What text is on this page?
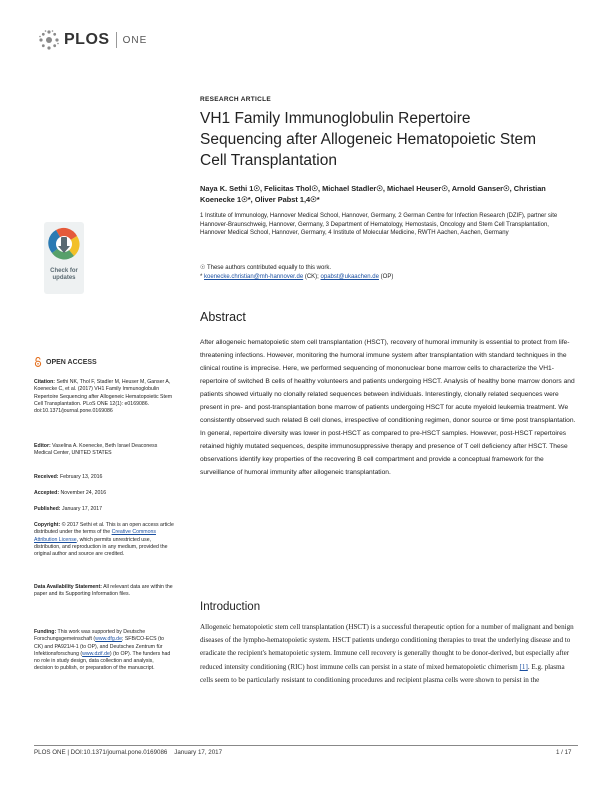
PLOS ONE
Check for updates
OPEN ACCESS
Citation: Sethi NK, Thol F, Stadler M, Heuser M, Ganser A, Koenecke C, et al. (2017) VH1 Family Immunoglobulin Repertoire Sequencing after Allogeneic Hematopoietic Stem Cell Transplantation. PLoS ONE 12(1): e0169086. doi:10.1371/journal.pone.0169086
Editor: Vaselina A. Koenecke, Beth Israel Deaconess Medical Center, UNITED STATES
Received: February 13, 2016
Accepted: November 24, 2016
Published: January 17, 2017
Copyright: © 2017 Sethi et al. This is an open access article distributed under the terms of the Creative Commons Attribution License, which permits unrestricted use, distribution, and reproduction in any medium, provided the original author and source are credited.
Data Availability Statement: All relevant data are within the paper and its Supporting Information files.
Funding: This work was supported by Deutsche Forschungsgemeinschaft (www.dfg.de; SFB/CO-ECS (to CK) and PA921/4-1 (to OP), and Deutsches Zentrum für Infektionsforschung (www.dzif.de) (to OP). The funders had no role in study design, data collection and analysis, decision to publish, or preparation of the manuscript.
RESEARCH ARTICLE
VH1 Family Immunoglobulin Repertoire Sequencing after Allogeneic Hematopoietic Stem Cell Transplantation
Naya K. Sethi 1☉, Felicitas Thol☉, Michael Stadler☉, Michael Heuser☉, Arnold Ganser☉, Christian Koenecke 1☉*, Oliver Pabst 1,4☉*
1 Institute of Immunology, Hannover Medical School, Hannover, Germany, 2 German Centre for Infection Research (DZIF), partner site Hannover-Braunschweig, Hannover, Germany, 3 Department of Hematology, Hemostasis, Oncology and Stem Cell Transplantation, Hannover Medical School, Hannover, Germany, 4 Institute of Molecular Medicine, RWTH Aachen, Aachen, Germany
☉ These authors contributed equally to this work.
* koenecke.christian@mh-hannover.de (CK); opabst@ukaachen.de (OP)
Abstract
After allogeneic hematopoietic stem cell transplantation (HSCT), recovery of humoral immunity is essential to protect from life-threatening infections. However, monitoring the humoral immune system after transplantation with standard techniques in the clinical routine is imprecise. Here, we performed sequencing of mononuclear bone marrow cells to characterize the VH1-repertoire of switched B cells of healthy volunteers and patients undergoing HSCT. Analysis of healthy bone marrow donors and patients showed virtually no clonally related sequences between individuals. Interestingly, clonally related sequences were present in pre- and post-transplantation bone marrow of patients undergoing HSCT for acute myeloid leukemia treatment. We consistently observed such related B cell clones, irrespective of conditioning regimen, donor source or time post transplantation. In general, repertoire diversity was lower in post-HSCT as compared to pre-HSCT samples. However, post-HSCT repertoires retained highly mutated sequences, despite immunosuppressive therapy and presence of T cell deficiency after HSCT. These observations identify key properties of the recovering B cell compartment and provide a conceptual framework for the surveillance of humoral immunity after allogeneic transplantation.
Introduction
Allogeneic hematopoietic stem cell transplantation (HSCT) is a successful therapeutic option for a number of malignant and benign diseases of the lympho-hematopoietic system. HSCT patients undergo conditioning therapies to treat the underlying disease and to eradicate the recipient's hematopoietic system. Immune cell recovery is generally thought to be donor-derived, but especially after reduced intensity conditioning (RIC) host immune cells can persist in a state of mixed hematopoietic chimerism [1]. E.g. plasma cells seem to be particularly resistant to conditioning procedures and recipient plasma cells were shown to persist in the
PLOS ONE | DOI:10.1371/journal.pone.0169086    January 17, 2017	1 / 17
